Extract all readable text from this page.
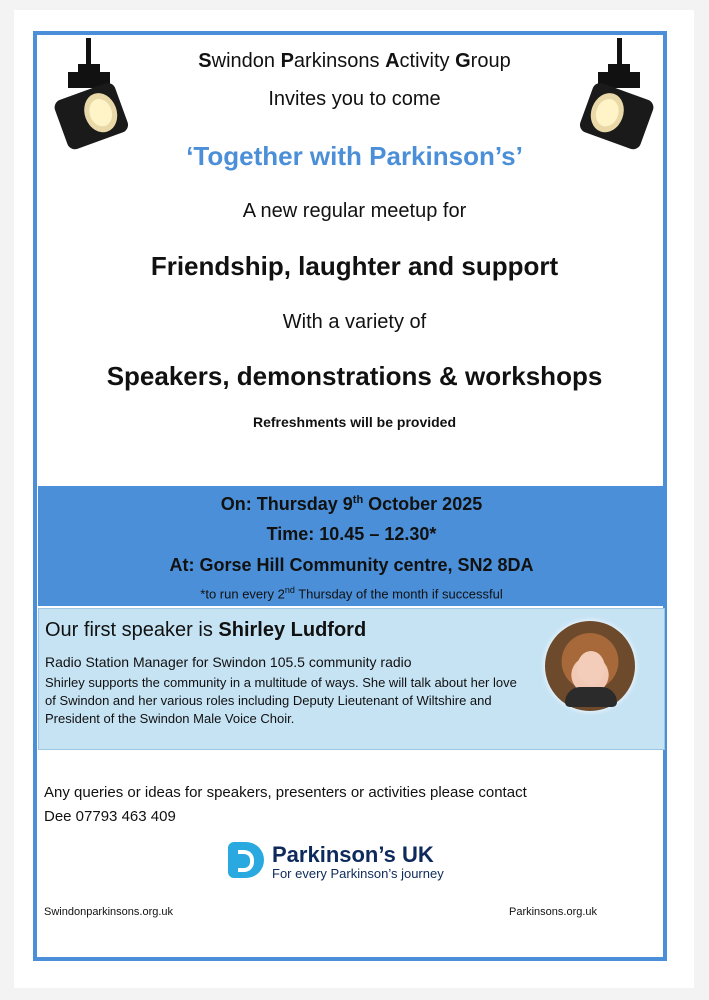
Swindon Parkinsons Activity Group
Invites you to come
‘Together with Parkinson’s’
A new regular meetup for
Friendship, laughter and support
With a variety of
Speakers, demonstrations & workshops
Refreshments will be provided
On: Thursday 9th October 2025
Time: 10.45 – 12.30*
At: Gorse Hill Community centre, SN2 8DA
*to run every 2nd Thursday of the month if successful
Our first speaker is Shirley Ludford
Radio Station Manager for Swindon 105.5 community radio
Shirley supports the community in a multitude of ways. She will talk about her love of Swindon and her various roles including Deputy Lieutenant of Wiltshire and President of the Swindon Male Voice Choir.
Any queries or ideas for speakers, presenters or activities please contact
Dee 07793 463 409
Parkinson’s UK
For every Parkinson’s journey
Swindonparkinsons.org.uk	Parkinsons.org.uk
